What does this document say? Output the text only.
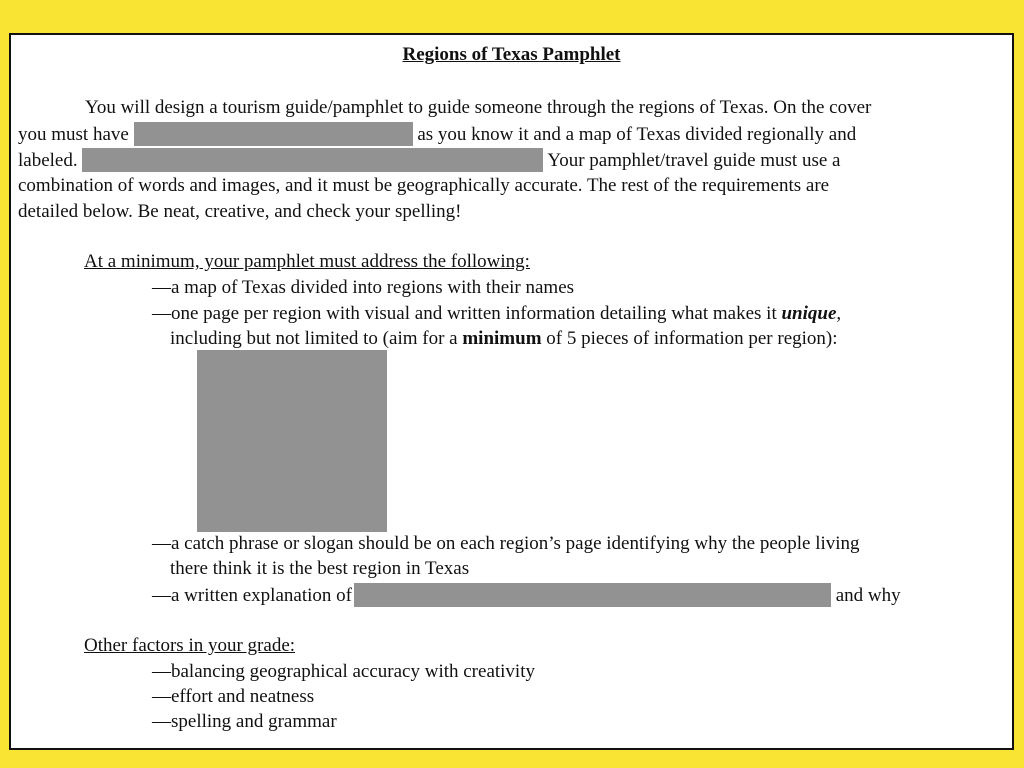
Regions of Texas Pamphlet
You will design a tourism guide/pamphlet to guide someone through the regions of Texas. On the cover
you must have	as you know it and a map of Texas divided regionally and
labeled.	Your pamphlet/travel guide must use a
combination of words and images, and it must be geographically accurate. The rest of the requirements are
detailed below. Be neat, creative, and check your spelling!
At a minimum, your pamphlet must address the following:
—a map of Texas divided into regions with their names
—one page per region with visual and written information detailing what makes it unique,
including but not limited to (aim for a minimum of 5 pieces of information per region):
—a catch phrase or slogan should be on each region’s page identifying why the people living
there think it is the best region in Texas
—a written explanation of	and why
Other factors in your grade:
—balancing geographical accuracy with creativity
—effort and neatness
—spelling and grammar
